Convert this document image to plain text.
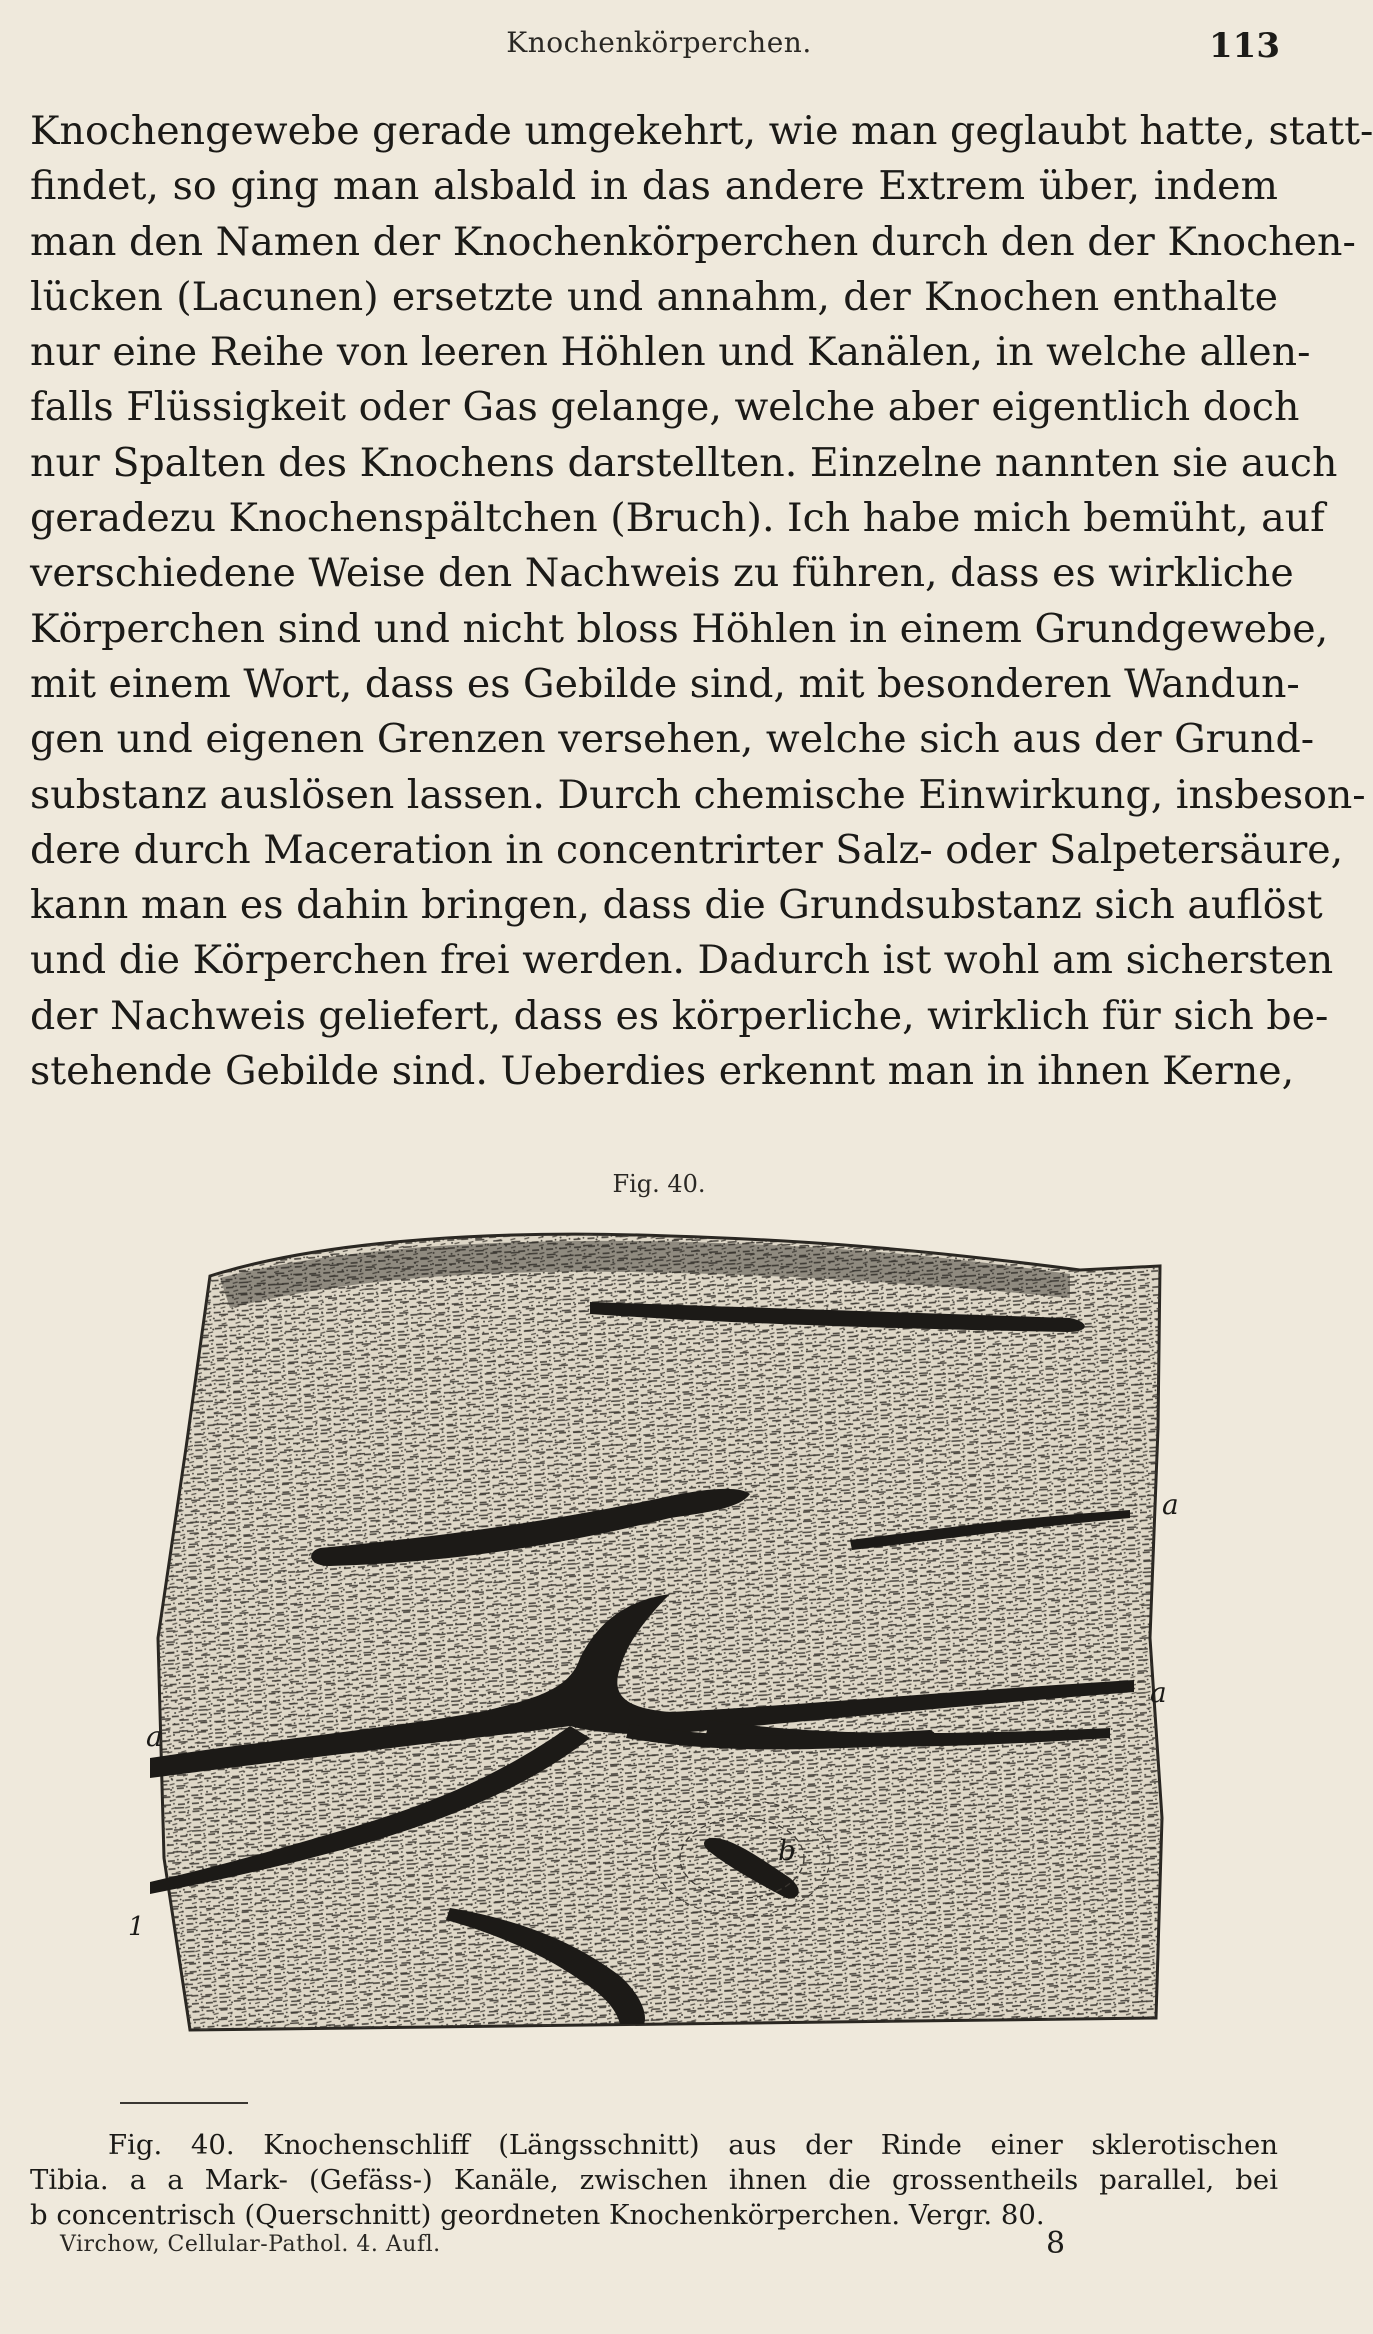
Knochenkörperchen.	113
Knochengewebe gerade umgekehrt, wie man geglaubt hatte, statt-
findet, so ging man alsbald in das andere Extrem über, indem
man den Namen der Knochenkörperchen durch den der Knochen-
lücken (Lacunen) ersetzte und annahm, der Knochen enthalte
nur eine Reihe von leeren Höhlen und Kanälen, in welche allen-
falls Flüssigkeit oder Gas gelange, welche aber eigentlich doch
nur Spalten des Knochens darstellten. Einzelne nannten sie auch
geradezu Knochenspältchen (Bruch). Ich habe mich bemüht, auf
verschiedene Weise den Nachweis zu führen, dass es wirkliche
Körperchen sind und nicht bloss Höhlen in einem Grundgewebe,
mit einem Wort, dass es Gebilde sind, mit besonderen Wandun-
gen und eigenen Grenzen versehen, welche sich aus der Grund-
substanz auslösen lassen. Durch chemische Einwirkung, insbeson-
dere durch Maceration in concentrirter Salz- oder Salpetersäure,
kann man es dahin bringen, dass die Grundsubstanz sich auflöst
und die Körperchen frei werden. Dadurch ist wohl am sichersten
der Nachweis geliefert, dass es körperliche, wirklich für sich be-
stehende Gebilde sind. Ueberdies erkennt man in ihnen Kerne,
Fig. 40.
a
a
a
1
b
Fig. 40. Knochenschliff (Längsschnitt) aus der Rinde einer sklerotischen
Tibia. a a Mark- (Gefäss-) Kanäle, zwischen ihnen die grossentheils parallel, bei
b concentrisch (Querschnitt) geordneten Knochenkörperchen. Vergr. 80.
Virchow, Cellular-Pathol. 4. Aufl.	8
